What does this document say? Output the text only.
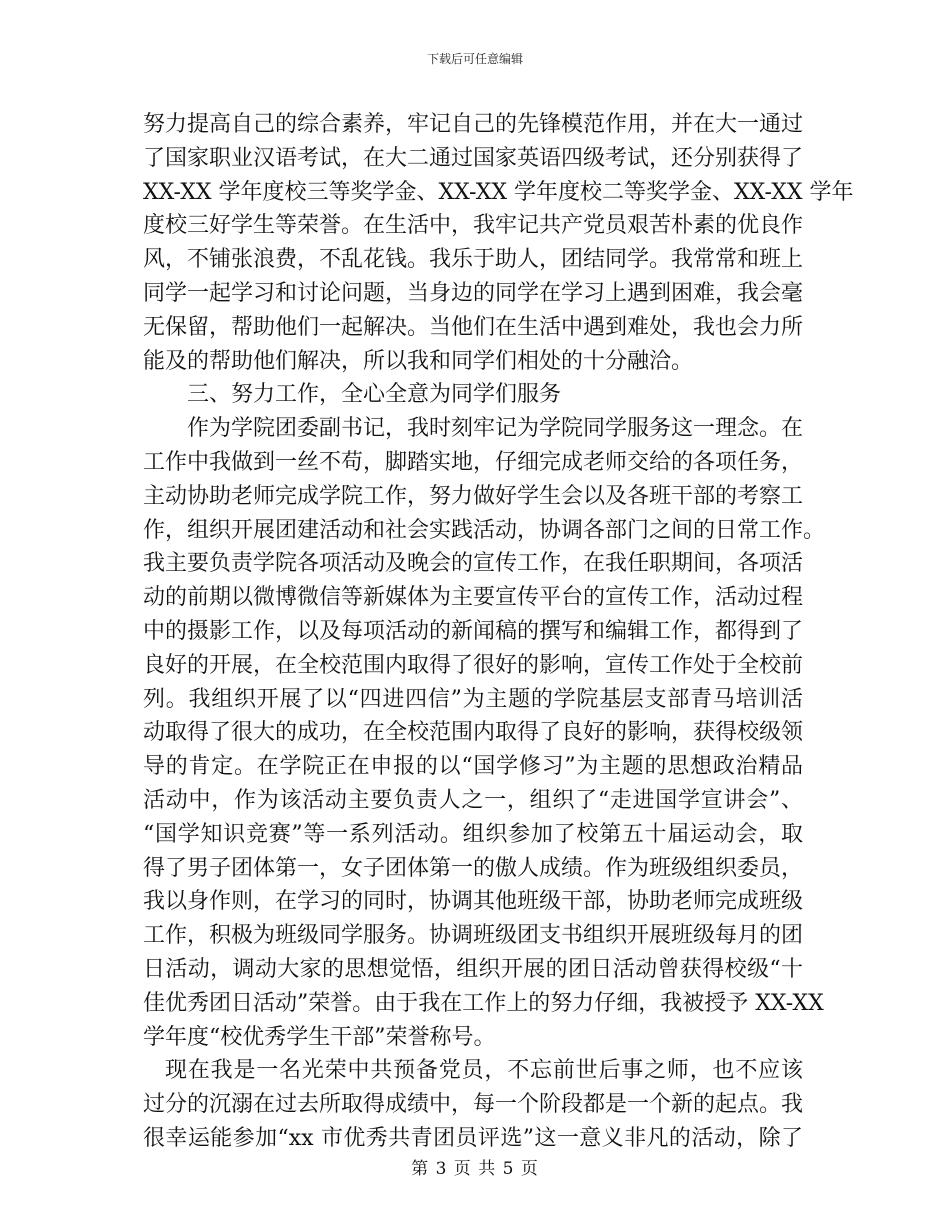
下载后可任意编辑
努力提高自己的综合素养，牢记自己的先锋模范作用，并在大一通过
了国家职业汉语考试，在大二通过国家英语四级考试，还分别获得了
XX-XX 学年度校三等奖学金、XX-XX 学年度校二等奖学金、XX-XX 学年
度校三好学生等荣誉。在生活中，我牢记共产党员艰苦朴素的优良作
风，不铺张浪费，不乱花钱。我乐于助人，团结同学。我常常和班上
同学一起学习和讨论问题，当身边的同学在学习上遇到困难，我会毫
无保留，帮助他们一起解决。当他们在生活中遇到难处，我也会力所
能及的帮助他们解决，所以我和同学们相处的十分融洽。
三、努力工作，全心全意为同学们服务
作为学院团委副书记，我时刻牢记为学院同学服务这一理念。在
工作中我做到一丝不苟，脚踏实地，仔细完成老师交给的各项任务，
主动协助老师完成学院工作，努力做好学生会以及各班干部的考察工
作，组织开展团建活动和社会实践活动，协调各部门之间的日常工作。
我主要负责学院各项活动及晚会的宣传工作，在我任职期间，各项活
动的前期以微博微信等新媒体为主要宣传平台的宣传工作，活动过程
中的摄影工作，以及每项活动的新闻稿的撰写和编辑工作，都得到了
良好的开展，在全校范围内取得了很好的影响，宣传工作处于全校前
列。我组织开展了以“四进四信”为主题的学院基层支部青马培训活
动取得了很大的成功，在全校范围内取得了良好的影响，获得校级领
导的肯定。在学院正在申报的以“国学修习”为主题的思想政治精品
活动中，作为该活动主要负责人之一，组织了“走进国学宣讲会”、
“国学知识竞赛”等一系列活动。组织参加了校第五十届运动会，取
得了男子团体第一，女子团体第一的傲人成绩。作为班级组织委员，
我以身作则，在学习的同时，协调其他班级干部，协助老师完成班级
工作，积极为班级同学服务。协调班级团支书组织开展班级每月的团
日活动，调动大家的思想觉悟，组织开展的团日活动曾获得校级“十
佳优秀团日活动”荣誉。由于我在工作上的努力仔细，我被授予 XX-XX
学年度“校优秀学生干部”荣誉称号。
现在我是一名光荣中共预备党员，不忘前世后事之师，也不应该
过分的沉溺在过去所取得成绩中，每一个阶段都是一个新的起点。我
很幸运能参加“xx 市优秀共青团员评选”这一意义非凡的活动，除了
第 3 页 共 5 页
